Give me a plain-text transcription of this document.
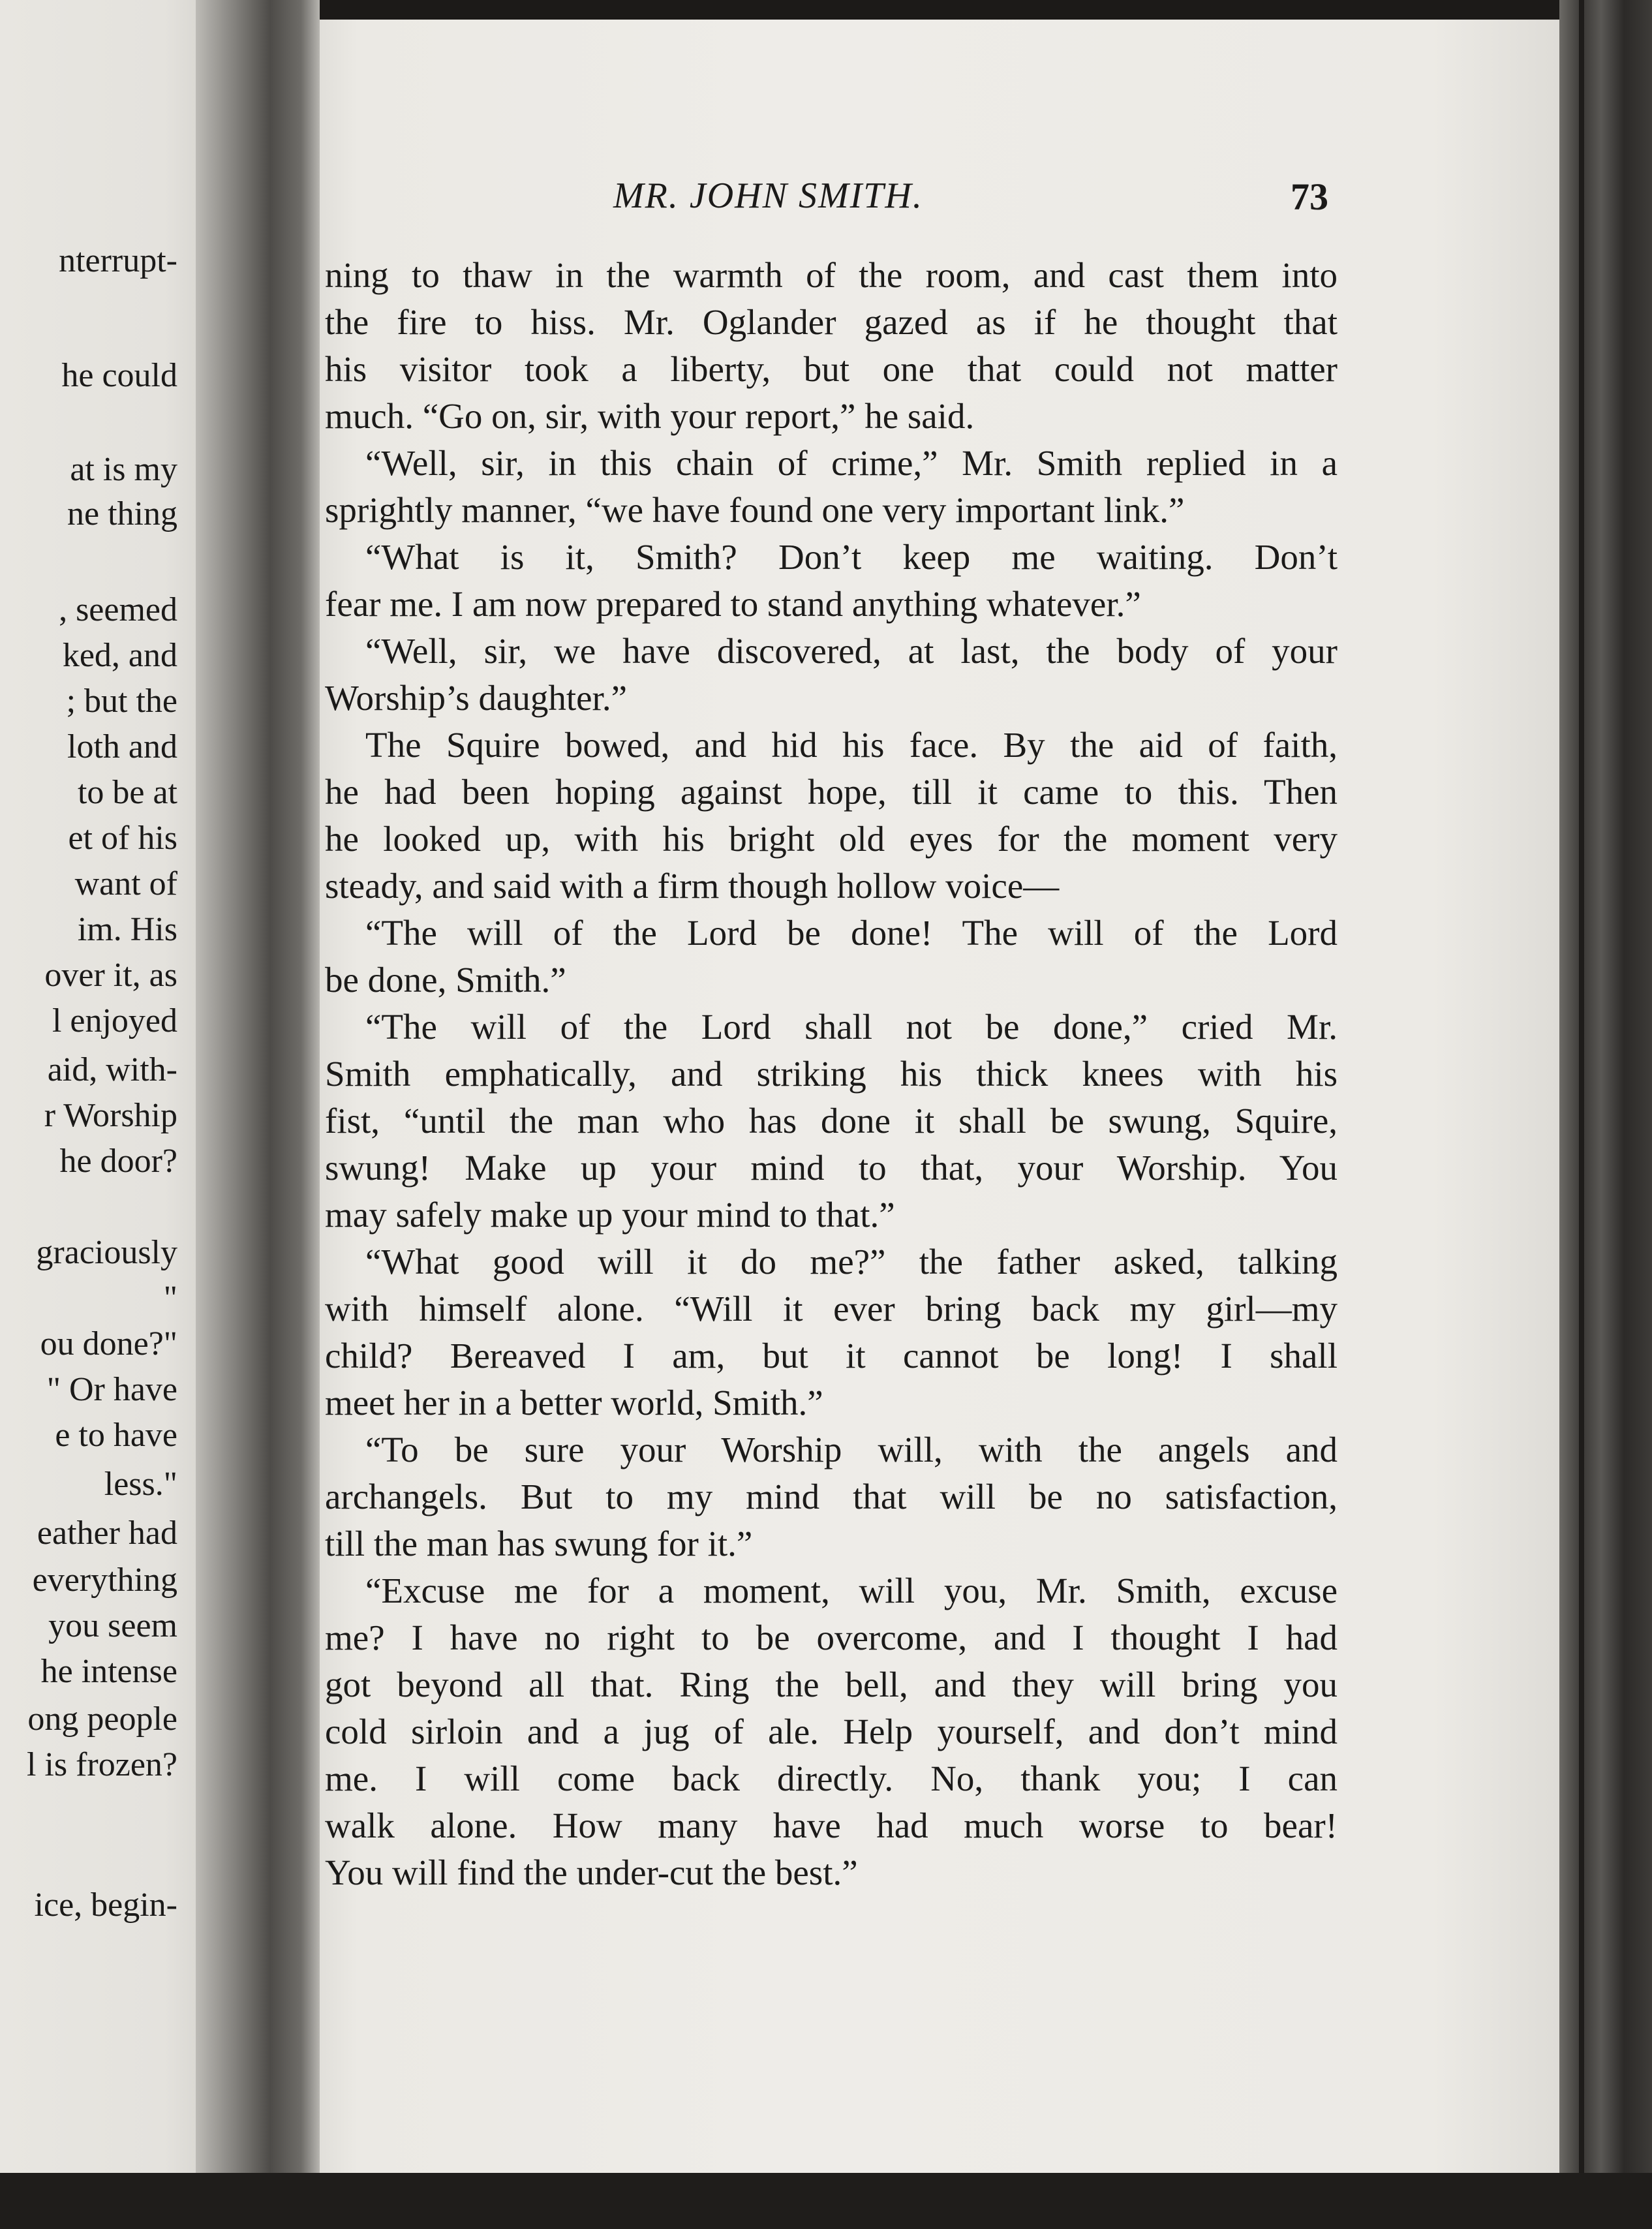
nterrupt-
he could
at is my
ne thing
, seemed
ked, and
; but the
loth and
to be at
et of his
want of
im. His
over it, as
l enjoyed
aid, with-
r Worship
he door?
graciously
"
ou done?"
" Or have
e to have
less."
eather had
everything
you seem
he intense
ong people
l is frozen?
ice, begin-
MR. JOHN SMITH.	73
ning to thaw in the warmth of the room, and cast them into
the fire to hiss. Mr. Oglander gazed as if he thought that
his visitor took a liberty, but one that could not matter
much. “Go on, sir, with your report,” he said.
“Well, sir, in this chain of crime,” Mr. Smith replied in a
sprightly manner, “we have found one very important link.”
“What is it, Smith? Don’t keep me waiting. Don’t
fear me. I am now prepared to stand anything whatever.”
“Well, sir, we have discovered, at last, the body of your
Worship’s daughter.”
The Squire bowed, and hid his face. By the aid of faith,
he had been hoping against hope, till it came to this. Then
he looked up, with his bright old eyes for the moment very
steady, and said with a firm though hollow voice—
“The will of the Lord be done! The will of the Lord
be done, Smith.”
“The will of the Lord shall not be done,” cried Mr.
Smith emphatically, and striking his thick knees with his
fist, “until the man who has done it shall be swung, Squire,
swung! Make up your mind to that, your Worship. You
may safely make up your mind to that.”
“What good will it do me?” the father asked, talking
with himself alone. “Will it ever bring back my girl—my
child? Bereaved I am, but it cannot be long! I shall
meet her in a better world, Smith.”
“To be sure your Worship will, with the angels and
archangels. But to my mind that will be no satisfaction,
till the man has swung for it.”
“Excuse me for a moment, will you, Mr. Smith, excuse
me? I have no right to be overcome, and I thought I had
got beyond all that. Ring the bell, and they will bring you
cold sirloin and a jug of ale. Help yourself, and don’t mind
me. I will come back directly. No, thank you; I can
walk alone. How many have had much worse to bear!
You will find the under-cut the best.”
